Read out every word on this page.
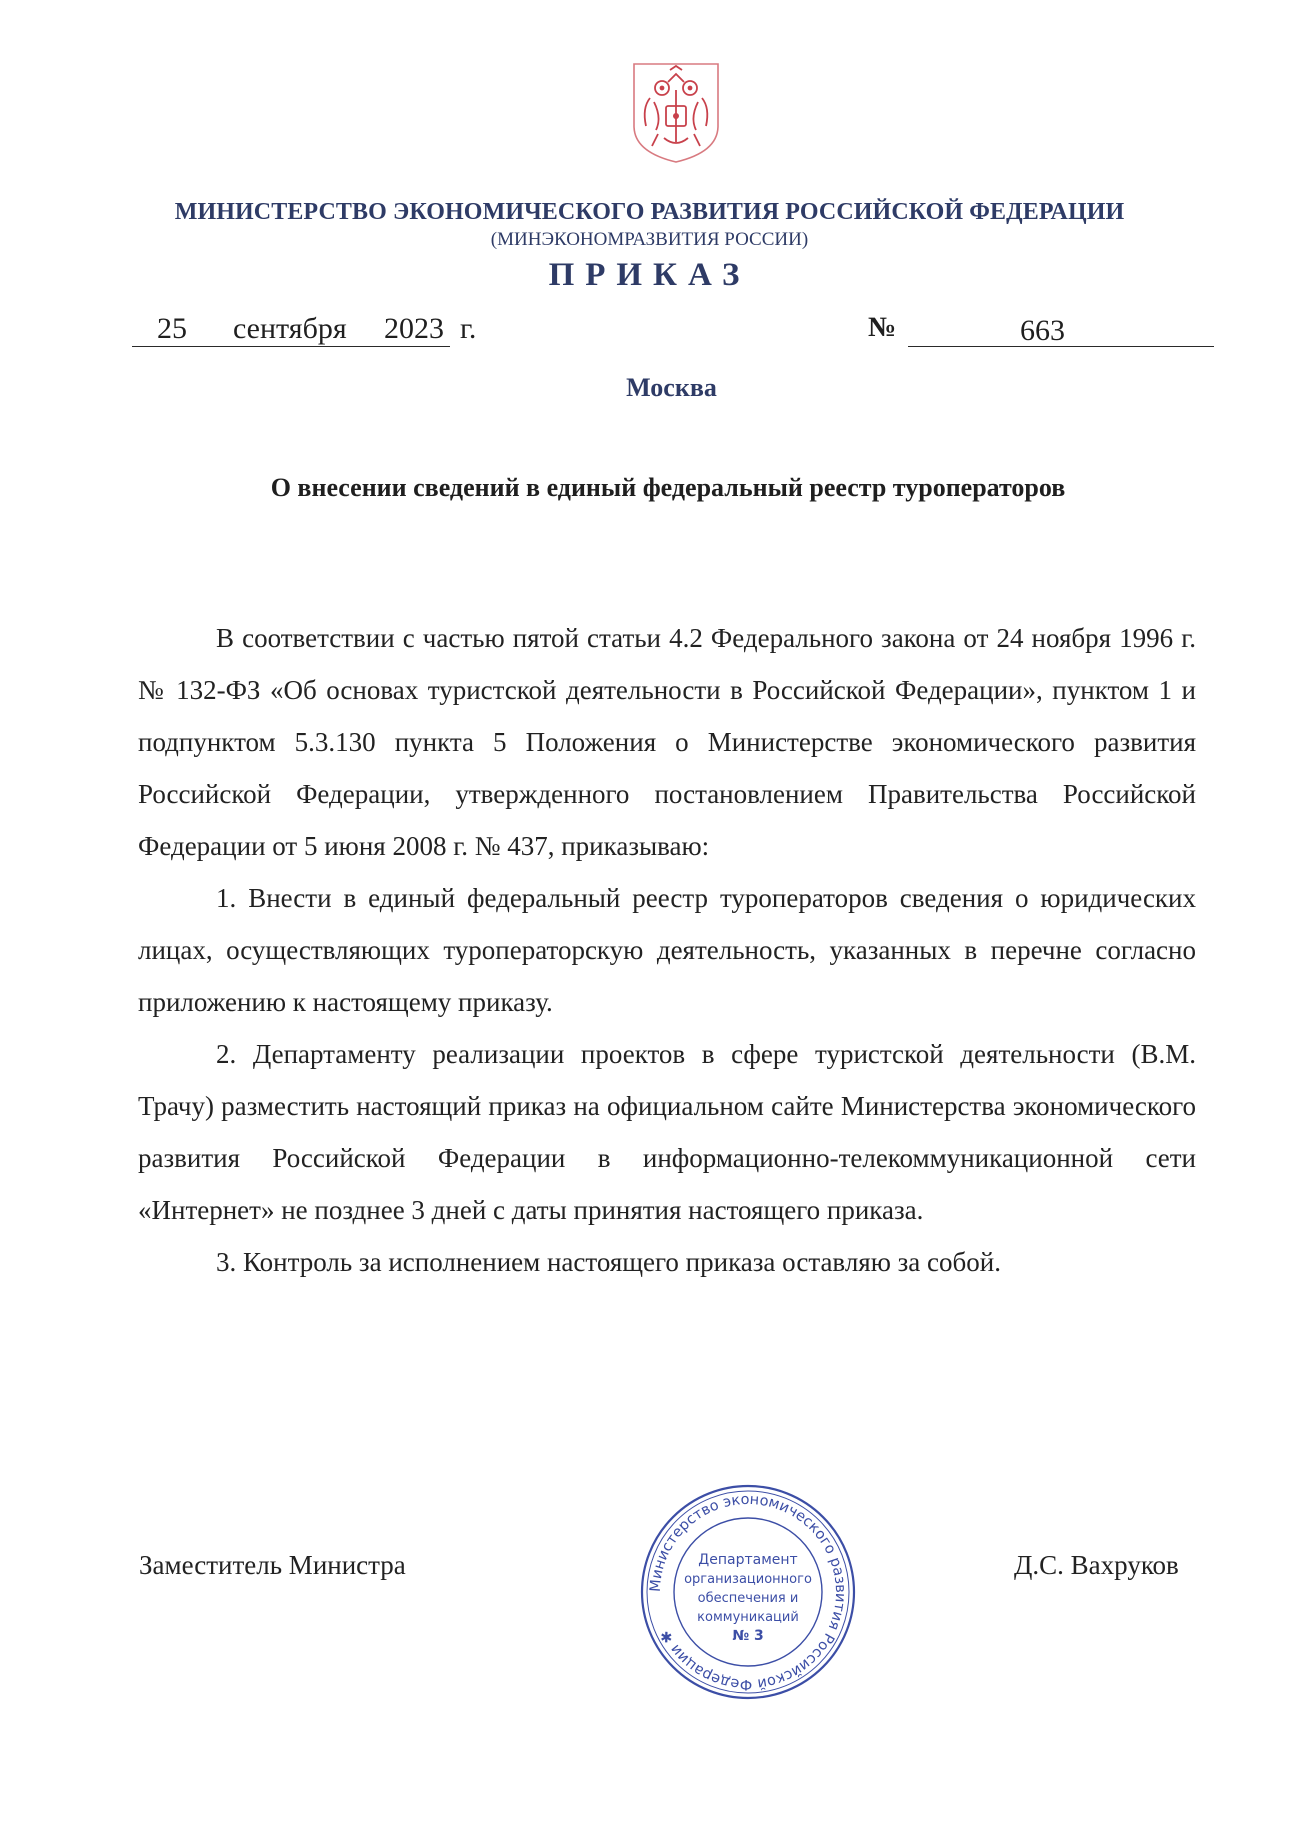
МИНИСТЕРСТВО ЭКОНОМИЧЕСКОГО РАЗВИТИЯ РОССИЙСКОЙ ФЕДЕРАЦИИ
(МИНЭКОНОМРАЗВИТИЯ РОССИИ)
ПРИКАЗ
25 сентября 2023 г.	№	663
Москва
О внесении сведений в единый федеральный реестр туроператоров

В соответствии с частью пятой статьи 4.2 Федерального закона от 24 ноября 1996 г. № 132-ФЗ «Об основах туристской деятельности в Российской Федерации», пунктом 1 и подпунктом 5.3.130 пункта 5 Положения о Министерстве экономического развития Российской Федерации, утвержденного постановлением Правительства Российской Федерации от 5 июня 2008 г. № 437, приказываю:

1. Внести в единый федеральный реестр туроператоров сведения о юридических лицах, осуществляющих туроператорскую деятельность, указанных в перечне согласно приложению к настоящему приказу.

2. Департаменту реализации проектов в сфере туристской деятельности (В.М. Трачу) разместить настоящий приказ на официальном сайте Министерства экономического развития Российской Федерации в информационно-телекоммуникационной сети «Интернет» не позднее 3 дней с даты принятия настоящего приказа.

3. Контроль за исполнением настоящего приказа оставляю за собой.

Заместитель Министра	Д.С. Вахруков
Министерство экономического развития Российской Федерации ✱
Департамент
организационного
обеспечения и
коммуникаций
№ 3
